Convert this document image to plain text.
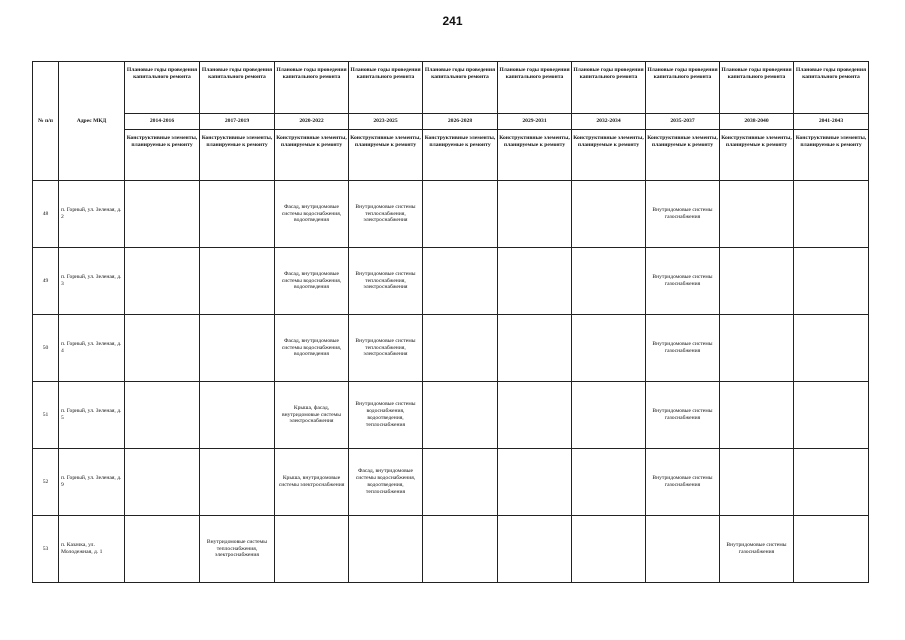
241
№ п/п	Адрес МКД	Плановые годы проведения капитального ремонта	Плановые годы проведения капитального ремонта	Плановые годы проведения капитального ремонта	Плановые годы проведения капитального ремонта	Плановые годы проведения капитального ремонта	Плановые годы проведения капитального ремонта	Плановые годы проведения капитального ремонта	Плановые годы проведения капитального ремонта	Плановые годы проведения капитального ремонта	Плановые годы проведения капитального ремонта
		2014-2016	2017-2019	2020-2022	2023-2025	2026-2028	2029-2031	2032-2034	2035-2037	2038-2040	2041-2043
		Конструктивные элементы, планируемые к ремонту	Конструктивные элементы, планируемые к ремонту	Конструктивные элементы, планируемые к ремонту	Конструктивные элементы, планируемые к ремонту	Конструктивные элементы, планируемые к ремонту	Конструктивные элементы, планируемые к ремонту	Конструктивные элементы, планируемые к ремонту	Конструктивные элементы, планируемые к ремонту	Конструктивные элементы, планируемые к ремонту	Конструктивные элементы, планируемые к ремонту
48	п. Горный, ул. Зеленая, д. 2			Фасад, внутридомовые системы водоснабжения, водоотведения	Внутридомовые системы теплоснабжения, электроснабжения				Внутридомовые системы газоснабжения		
49	п. Горный, ул. Зеленая, д. 3			Фасад, внутридомовые системы водоснабжения, водоотведения	Внутридомовые системы теплоснабжения, электроснабжения				Внутридомовые системы газоснабжения		
50	п. Горный, ул. Зеленая, д. 4			Фасад, внутридомовые системы водоснабжения, водоотведения	Внутридомовые системы теплоснабжения, электроснабжения				Внутридомовые системы газоснабжения		
51	п. Горный, ул. Зеленая, д. 5			Крыша, фасад, внутридомовые системы электроснабжения	Внутридомовые системы водоснабжения, водоотведения, теплоснабжения				Внутридомовые системы газоснабжения		
52	п. Горный, ул. Зеленая, д. 9			Крыша, внутридомовые системы электроснабжения	Фасад, внутридомовые системы водоснабжения, водоотведения, теплоснабжения				Внутридомовые системы газоснабжения		
53	п. Казачка, ул. Молодежная, д. 1		Внутридомовые системы теплоснабжения, электроснабжения							Внутридомовые системы газоснабжения	
